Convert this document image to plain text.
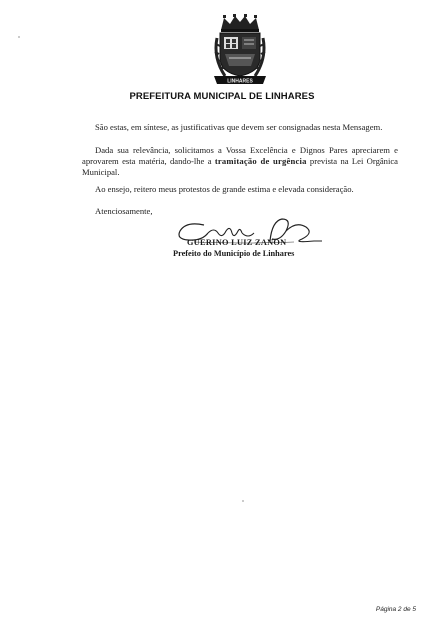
LINHARES
PREFEITURA MUNICIPAL DE LINHARES
São estas, em síntese, as justificativas que devem ser consignadas nesta Mensagem.
Dada sua relevância, solicitamos a Vossa Excelência e Dignos Pares apreciarem e aprovarem esta matéria, dando-lhe a tramitação de urgência prevista na Lei Orgânica Municipal.
Ao ensejo, reitero meus protestos de grande estima e elevada consideração.
Atenciosamente,
GUERINO LUIZ ZANON
Prefeito do Município de Linhares
Página 2 de 5
